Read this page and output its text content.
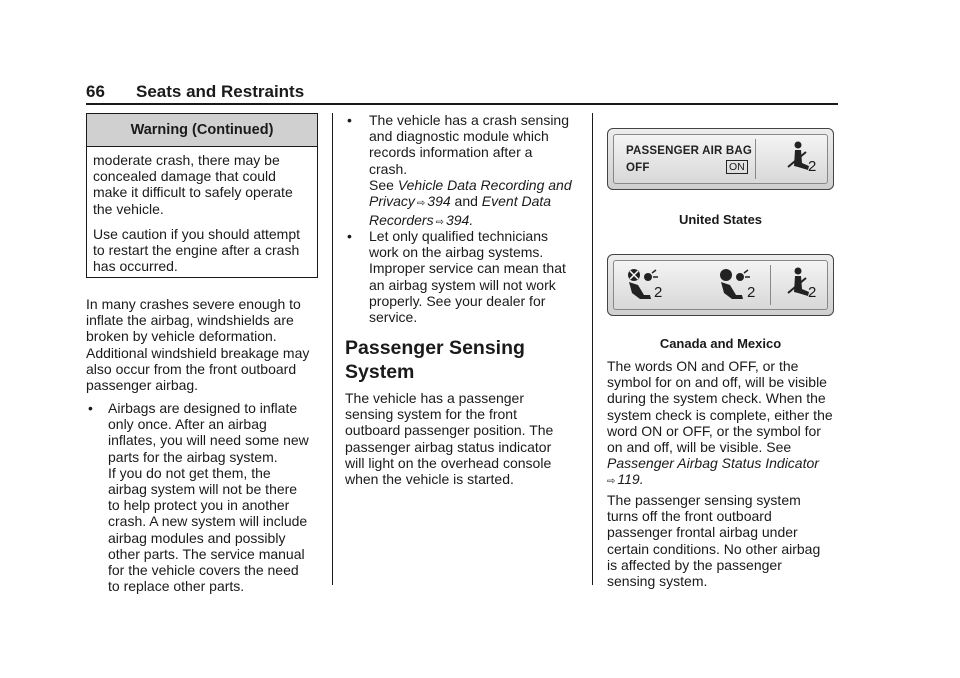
66 Seats and Restraints
Warning (Continued)
moderate crash, there may be
concealed damage that could
make it difficult to safely operate
the vehicle.
Use caution if you should attempt
to restart the engine after a crash
has occurred.
In many crashes severe enough to
inflate the airbag, windshields are
broken by vehicle deformation.
Additional windshield breakage may
also occur from the front outboard
passenger airbag.
• Airbags are designed to inflate
only once. After an airbag
inflates, you will need some new
parts for the airbag system.
If you do not get them, the
airbag system will not be there
to help protect you in another
crash. A new system will include
airbag modules and possibly
other parts. The service manual
for the vehicle covers the need
to replace other parts.
• The vehicle has a crash sensing
and diagnostic module which
records information after a
crash.
See Vehicle Data Recording and
Privacy ⇨ 394 and Event Data
Recorders ⇨ 394.
• Let only qualified technicians
work on the airbag systems.
Improper service can mean that
an airbag system will not work
properly. See your dealer for
service.
Passenger Sensing
System
The vehicle has a passenger
sensing system for the front
outboard passenger position. The
passenger airbag status indicator
will light on the overhead console
when the vehicle is started.
PASSENGER AIR BAG
OFF	ON	2
United States
2	2	2
Canada and Mexico
The words ON and OFF, or the
symbol for on and off, will be visible
during the system check. When the
system check is complete, either the
word ON or OFF, or the symbol for
on and off, will be visible. See
Passenger Airbag Status Indicator
⇨ 119.
The passenger sensing system
turns off the front outboard
passenger frontal airbag under
certain conditions. No other airbag
is affected by the passenger
sensing system.
